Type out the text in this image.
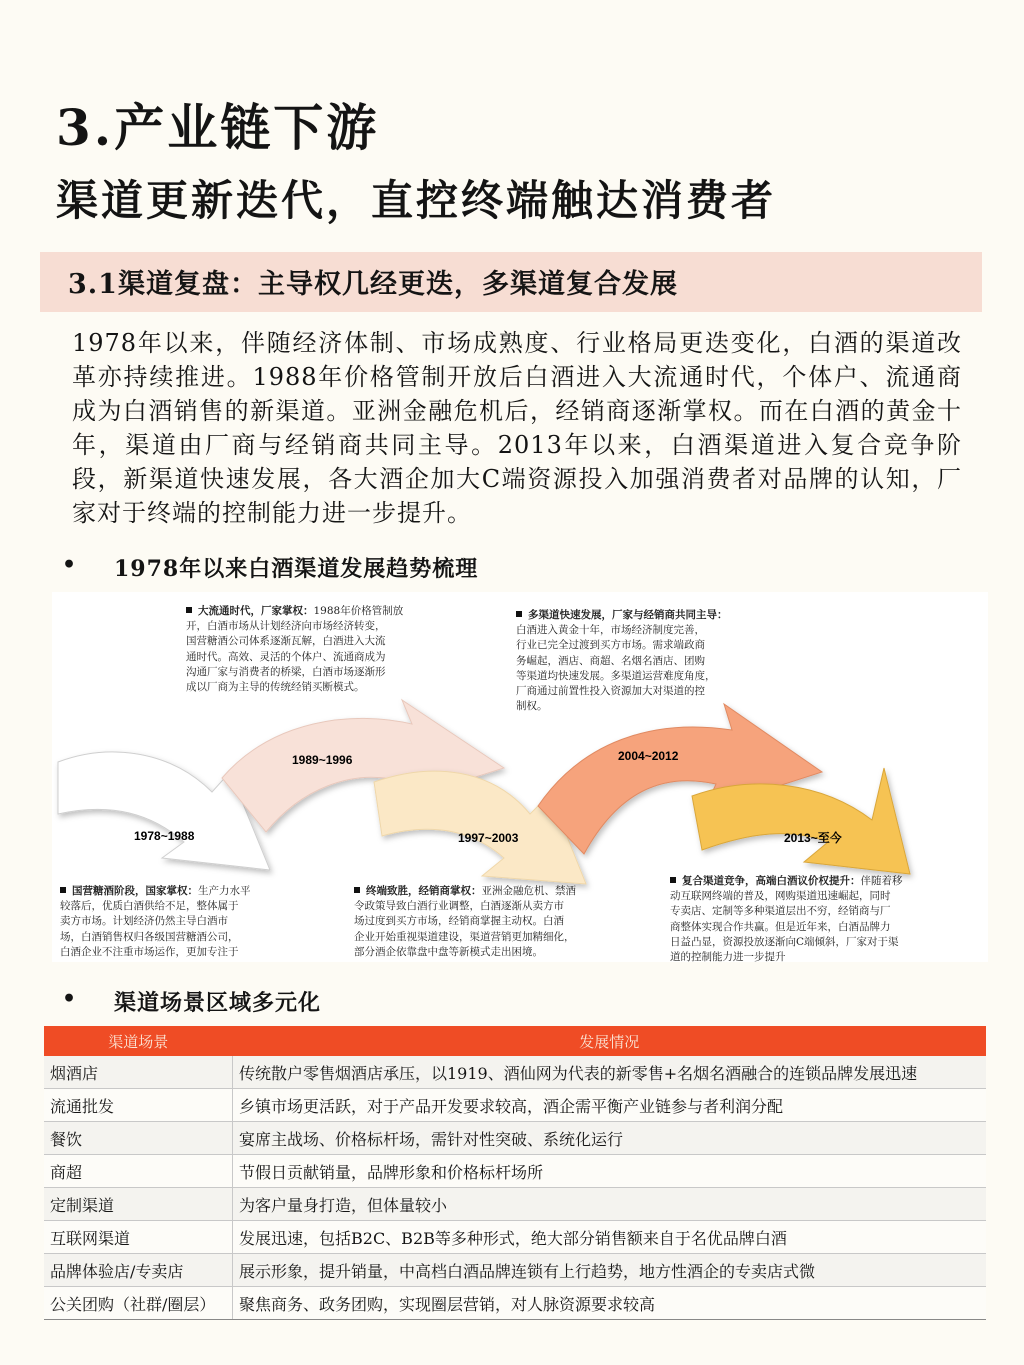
3.产业链下游
渠道更新迭代，直控终端触达消费者
3.1渠道复盘：主导权几经更迭，多渠道复合发展
1978年以来，伴随经济体制、市场成熟度、行业格局更迭变化，白酒的渠道改革亦持续推进。1988年价格管制开放后白酒进入大流通时代，个体户、流通商成为白酒销售的新渠道。亚洲金融危机后，经销商逐渐掌权。而在白酒的黄金十年，渠道由厂商与经销商共同主导。2013年以来，白酒渠道进入复合竞争阶段，新渠道快速发展，各大酒企加大C端资源投入加强消费者对品牌的认知，厂家对于终端的控制能力进一步提升。
• 1978年以来白酒渠道发展趋势梳理
1978~1988
1989~1996
1997~2003
2004~2012
2013~至今
大流通时代，厂家掌权：1988年价格管制放
开，白酒市场从计划经济向市场经济转变，
国营糖酒公司体系逐渐瓦解，白酒进入大流
通时代。高效、灵活的个体户、流通商成为
沟通厂家与消费者的桥梁，白酒市场逐渐形
成以厂商为主导的传统经销买断模式。
多渠道快速发展，厂家与经销商共同主导：
白酒进入黄金十年，市场经济制度完善，
行业已完全过渡到买方市场。需求端政商
务崛起，酒店、商超、名烟名酒店、团购
等渠道均快速发展。多渠道运营难度角度，
厂商通过前置性投入资源加大对渠道的控
制权。
国营糖酒阶段，国家掌权：生产力水平
较落后，优质白酒供给不足，整体属于
卖方市场。计划经济仍然主导白酒市
场，白酒销售权归各级国营糖酒公司，
白酒企业不注重市场运作，更加专注于
终端致胜，经销商掌权：亚洲金融危机、禁酒
令政策导致白酒行业调整，白酒逐渐从卖方市
场过度到买方市场，经销商掌握主动权。白酒
企业开始重视渠道建设，渠道营销更加精细化，
部分酒企依靠盘中盘等新模式走出困境。
复合渠道竞争，高端白酒议价权提升：伴随着移
动互联网终端的普及，网购渠道迅速崛起，同时
专卖店、定制等多种渠道层出不穷，经销商与厂
商整体实现合作共赢。但是近年来，白酒品牌力
日益凸显，资源投放逐渐向C端倾斜，厂家对于渠
道的控制能力进一步提升
• 渠道场景区域多元化
渠道场景	发展情况
烟酒店	传统散户零售烟酒店承压，以1919、酒仙网为代表的新零售+名烟名酒融合的连锁品牌发展迅速
流通批发	乡镇市场更活跃，对于产品开发要求较高，酒企需平衡产业链参与者利润分配
餐饮	宴席主战场、价格标杆场，需针对性突破、系统化运行
商超	节假日贡献销量，品牌形象和价格标杆场所
定制渠道	为客户量身打造，但体量较小
互联网渠道	发展迅速，包括B2C、B2B等多种形式，绝大部分销售额来自于名优品牌白酒
品牌体验店/专卖店	展示形象，提升销量，中高档白酒品牌连锁有上行趋势，地方性酒企的专卖店式微
公关团购（社群/圈层）	聚焦商务、政务团购，实现圈层营销，对人脉资源要求较高
